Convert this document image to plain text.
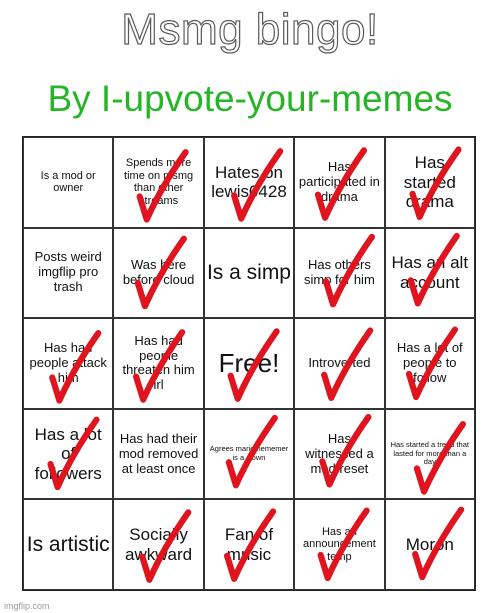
Msmg bingo!
By I-upvote-your-memes
Is a mod or owner
Spends more time on msmg than other streams
Hates on lewis0428
Has participated in drama
Has started drama
Posts weird imgflip pro trash
Was here before cloud Is a simp	Has others simp for him
Has an alt account
Has had people attack him
Has had people threaten him irl
Free! Introverted
Has a lot of people to follow
Has a lot of followers
Has had their mod removed at least once
Agrees mariothememer is a clown
Has witnessed a mod reset
Has started a trend that lasted for more than a day
Is artistic	Socially awkward
Fan of music
Has an announcement temp
Moron
imgflip.com
